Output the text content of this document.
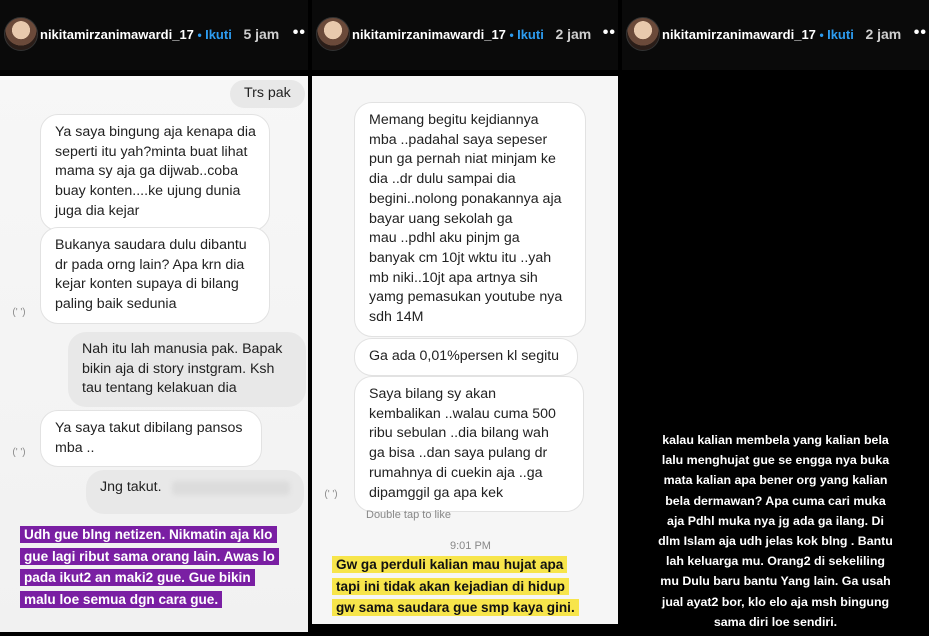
nikitamirzanimawardi_17 • Ikuti 5 jam ••
Trs pak
Ya saya bingung aja kenapa dia
seperti itu yah?minta buat lihat
mama sy aja ga dijwab..coba
buay konten....ke ujung dunia
juga dia kejar
Bukanya saudara dulu dibantu
dr pada orng lain? Apa krn dia
kejar konten supaya di bilang
paling baik sedunia
(' ')
Nah itu lah manusia pak. Bapak
bikin aja di story instgram. Ksh
tau tentang kelakuan dia
Ya saya takut dibilang pansos
mba ..
(' ')
Jng takut.
Udh gue blng netizen. Nikmatin aja klo
gue lagi ribut sama orang lain. Awas lo
pada ikut2 an maki2 gue. Gue bikin
malu loe semua dgn cara gue.
nikitamirzanimawardi_17 • Ikuti 2 jam ••
Memang begitu kejdiannya
mba ..padahal saya sepeser
pun ga pernah niat minjam ke
dia ..dr dulu sampai dia
begini..nolong ponakannya aja
bayar uang sekolah ga
mau ..pdhl aku pinjm ga
banyak cm 10jt wktu itu ..yah
mb niki..10jt apa artnya sih
yamg pemasukan youtube nya
sdh 14M
Ga ada 0,01%persen kl segitu
Saya bilang sy akan
kembalikan ..walau cuma 500
ribu sebulan ..dia bilang wah
ga bisa ..dan saya pulang dr
rumahnya di cuekin aja ..ga
dipamggil ga apa kek
(' ')
Double tap to like
9:01 PM
Gw ga perduli kalian mau hujat apa
tapi ini tidak akan kejadian di hidup
gw sama saudara gue smp kaya gini.
nikitamirzanimawardi_17 • Ikuti 2 jam ••
kalau kalian membela yang kalian bela
lalu menghujat gue se engga nya buka
mata kalian apa bener org yang kalian
bela dermawan? Apa cuma cari muka
aja Pdhl muka nya jg ada ga ilang. Di
dlm Islam aja udh jelas kok blng . Bantu
lah keluarga mu. Orang2 di sekeliling
mu Dulu baru bantu Yang lain. Ga usah
jual ayat2 bor, klo elo aja msh bingung
sama diri loe sendiri.
